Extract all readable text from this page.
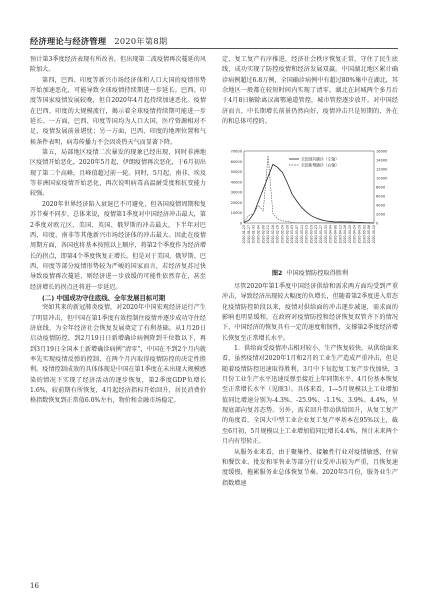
经济理论与经济管理 2020年第8期

预计第3季度经济表现有所改善，但出现第二波疫情再次蔓延的风险加大。

第四，巴西、印度等新兴市场经济体和人口大国的疫情形势开始加速恶化，可能导致全球疫情持续期进一步延长。巴西、印度等国家疫情发展较晚，但自2020年4月起持续加速恶化。疫情在巴西、印度的大规模流行，揭示着全球疫情持续期可能进一步延长。一方面，巴西、印度等国均为人口大国，医疗资源相对不足，疫情发展前景堪忧；另一方面，巴西、印度的地理位置和气候条件表明，病毒传播力不会因炎热天气而显著下降。

第五，局部地区疫情二次暴发的现象已经出现，同时非洲地区疫情开始恶化。2020年5月起，伊朗疫情再次恶化，于6月初出现了第二个高峰，且峰值超过前一轮。同时，5月起，南非、埃及等非洲国家疫情开始恶化，再次说明病毒高温耐受度和抗变能力较强。

2020年世界经济陷入衰退已不可避免，但各国疫情周期和复苏节奏不同步，总体来说，疫情第1季度对中国经济冲击最大，第2季度对欧元区、美国、英国、俄罗斯的冲击最大，下半年对巴西、印度、南非等其他新兴市场经济体的冲击最大。因此在疫情周期方面，各国也将基本按照以上顺序，将第2个季度作为经济增长的拐点，即第4个季度恢复正增长。但是对于美国、俄罗斯、巴西、印度等部分疫情形势较为严峻的国家而言，若经济复苏过快导致疫情再次蔓延，则经济进一步放缓的可能性依然存在，甚至经济增长的拐点还将进一步延迟。

(二) 中国成功守住底线、全年发展目标可期

突如其来的新冠肺炎疫情，对2020年中国宏观经济运行产生了明显冲击，但中国在第1季度有效控制住疫情并逐步成功守住经济底线，为全年经济社会恢复发展奠定了有利基础。从1月20日启动疫情防控，到2月19日日新增确诊病例降到千位数以下，再到3月19日全国本土新增确诊病例“清零”，中国在不到2个月内就率先实现疫情反弹的控制，在两个月内取得疫情防控的决定性胜利。疫情控制成效的具体体现是中国在第1季度在未出现大规模感染的情况下实现了经济活动的逐步恢复，第2季度GDP负增长1.6%，较前期有所恢复，4月起经济指标开始回升，居民消费价格指数恢复到正常值6.0%左右，物价和金融市场稳定。

定，复工复产有序推进，经济社会秩序恢复正常，守住了民生底线，成功实现了防控疫情和经济发展双赢。中国湖北地区累计确诊病例超过6.8万例，全国确诊病例中有超过80%集中在湖北，其余地区一般都在较短时间内实现了清零，湖北在封城两个多月后于4月8日解除离汉离鄂通道管控，城市管控逐步放开。对中国经济而言，中长期增长前景仍然向好，疫情冲击只是短期的、外在的和总体可控的。

0
10000
20000
30000
40000
50000
60000
70000
0
2000
4000
6000
8000
10000
12000
14000
16000
2020-01-23 2020-01-27 2020-01-31 2020-02-04 2020-02-08 2020-02-12 2020-02-16 2020-02-20 2020-02-24 2020-02-28 2020-03-03 2020-03-07 2020-03-11 2020-03-15 2020-03-19 2020-03-23 2020-03-27 2020-03-31 2020-04-04 2020-04-08 2020-04-12 2020-04-16 2020-04-20 2020-04-24 2020-04-28 2020-05-02 2020-05-06 2020-05-10
全国现有确诊（左轴）
全国新增确诊（右轴）
图2 中国疫情防控取得胜利

尽管2020年第1季度中国经济供给和需求两方面均受到严重冲击，导致经济出现较大幅度的负增长，但随着第2季度进入常态化疫情防控阶段以来，疫情对供给面的冲击逐步减退，需求面的影响也明显缓和，在政府对疫情防控和经济恢复双管齐下的情况下，中国经济的恢复具有一定的速度和韧性，支撑第2季度经济增长恢复至正常增长水平。

1．供给面受疫情冲击相对较小，生产恢复较快。从供给面来看，虽然疫情对2020年1月和2月的工业生产造成严重冲击，但是随着疫情防控迅速取得胜利，3月中下旬起复工复产步伐加快，3月份工业生产水平迅速反弹至接近上年同期水平，4月份基本恢复至正常增长水平（见图3）。具体来看，1—5月规模以上工业增加值同比增速分别为-4.3%、-25.9%、-1.1%、3.9%、4.4%，呈现底部向复苏态势。另外，需求回升带动供给回升，从复工复产的角度看，全国大中型工业企业复工复产率基本在95%以上，截至6月初，5月规模以上工业增加值同比增长4.4%，预计未来两个月内有望转正。

从服务业来看，由于聚集性、接触性行业对疫情敏感，住宿和餐饮业、批发和零售业等部分行业受冲击较为严重，且恢复速度缓慢，拖累服务业总体恢复节奏。2020年5月份，服务业生产指数增速

16
